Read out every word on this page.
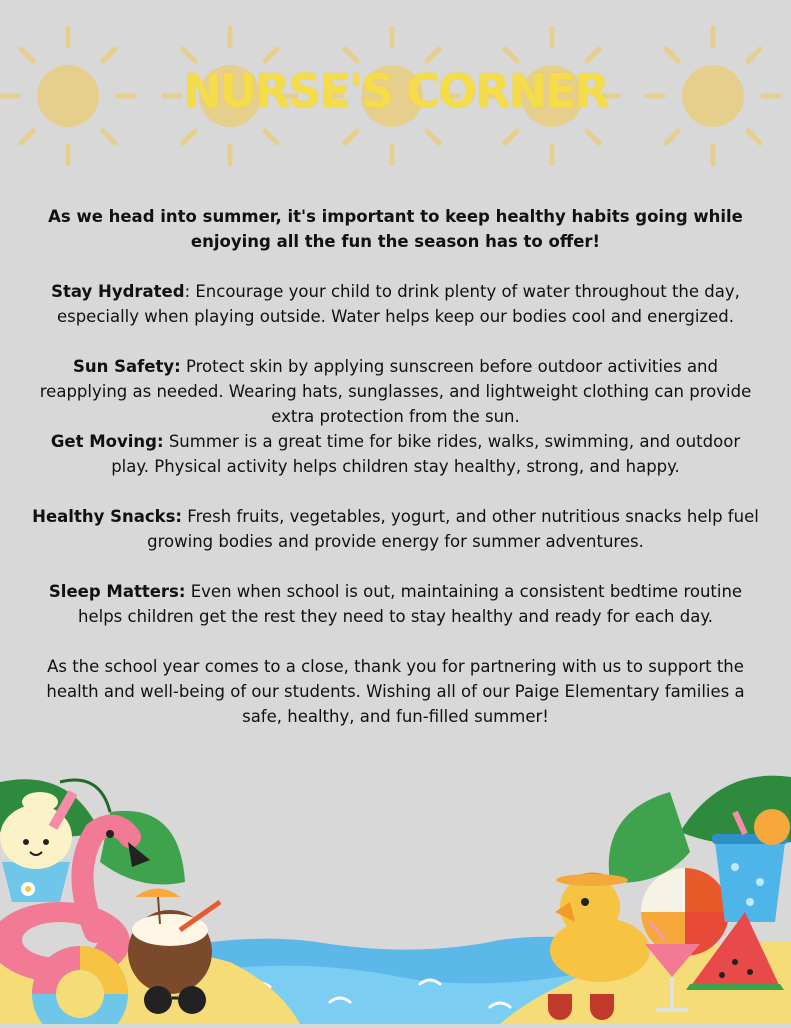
NURSE'S CORNER

As we head into summer, it's important to keep healthy habits going while enjoying all the fun the season has to offer!

Stay Hydrated: Encourage your child to drink plenty of water throughout the day, especially when playing outside. Water helps keep our bodies cool and energized.

Sun Safety: Protect skin by applying sunscreen before outdoor activities and reapplying as needed. Wearing hats, sunglasses, and lightweight clothing can provide extra protection from the sun.

Get Moving: Summer is a great time for bike rides, walks, swimming, and outdoor play. Physical activity helps children stay healthy, strong, and happy.

Healthy Snacks: Fresh fruits, vegetables, yogurt, and other nutritious snacks help fuel growing bodies and provide energy for summer adventures.

Sleep Matters: Even when school is out, maintaining a consistent bedtime routine helps children get the rest they need to stay healthy and ready for each day.

As the school year comes to a close, thank you for partnering with us to support the health and well-being of our students. Wishing all of our Paige Elementary families a safe, healthy, and fun-filled summer!
